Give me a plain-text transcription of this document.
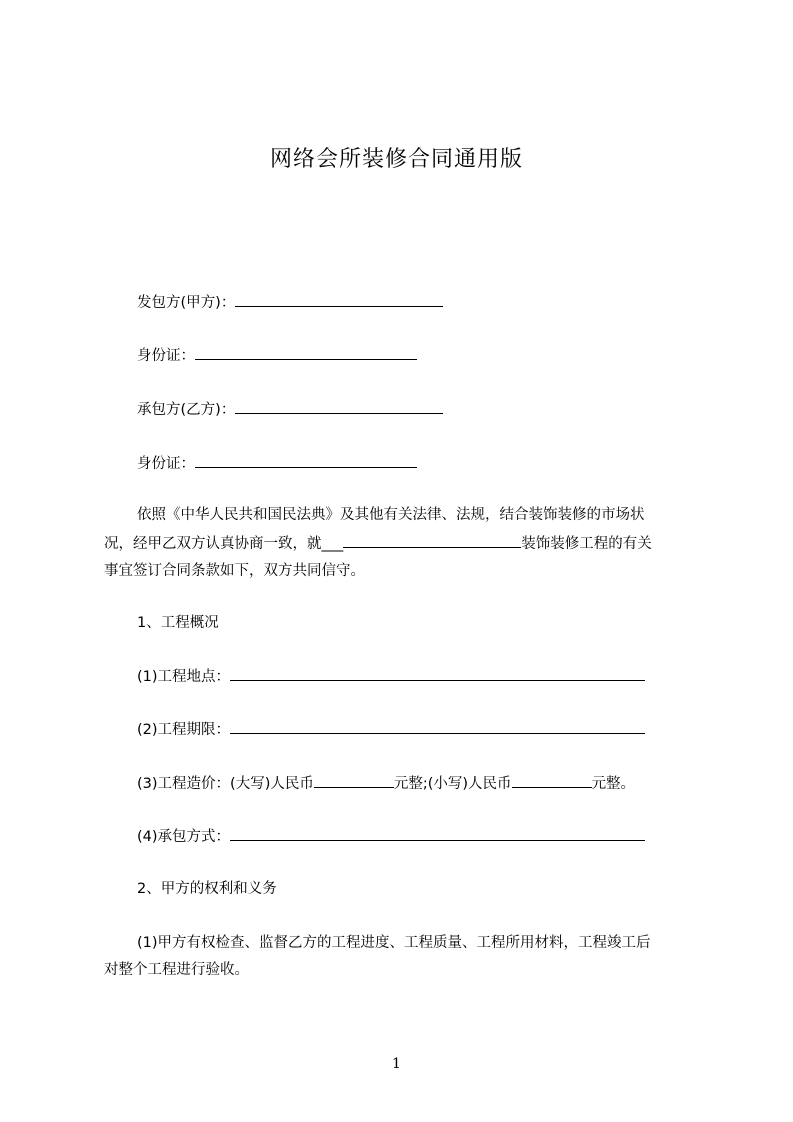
网络会所装修合同通用版
发包方(甲方)：
身份证：
承包方(乙方)：
身份证：
依照《中华人民共和国民法典》及其他有关法律、法规，结合装饰装修的市场状
况，经甲乙双方认真协商一致，就___	装饰装修工程的有关
事宜签订合同条款如下，双方共同信守。
1、工程概况
(1)工程地点：
(2)工程期限：
(3)工程造价：(大写)人民币	元整;(小写)人民币	元整。
(4)承包方式：
2、甲方的权利和义务
(1)甲方有权检查、监督乙方的工程进度、工程质量、工程所用材料，工程竣工后
对整个工程进行验收。
1
